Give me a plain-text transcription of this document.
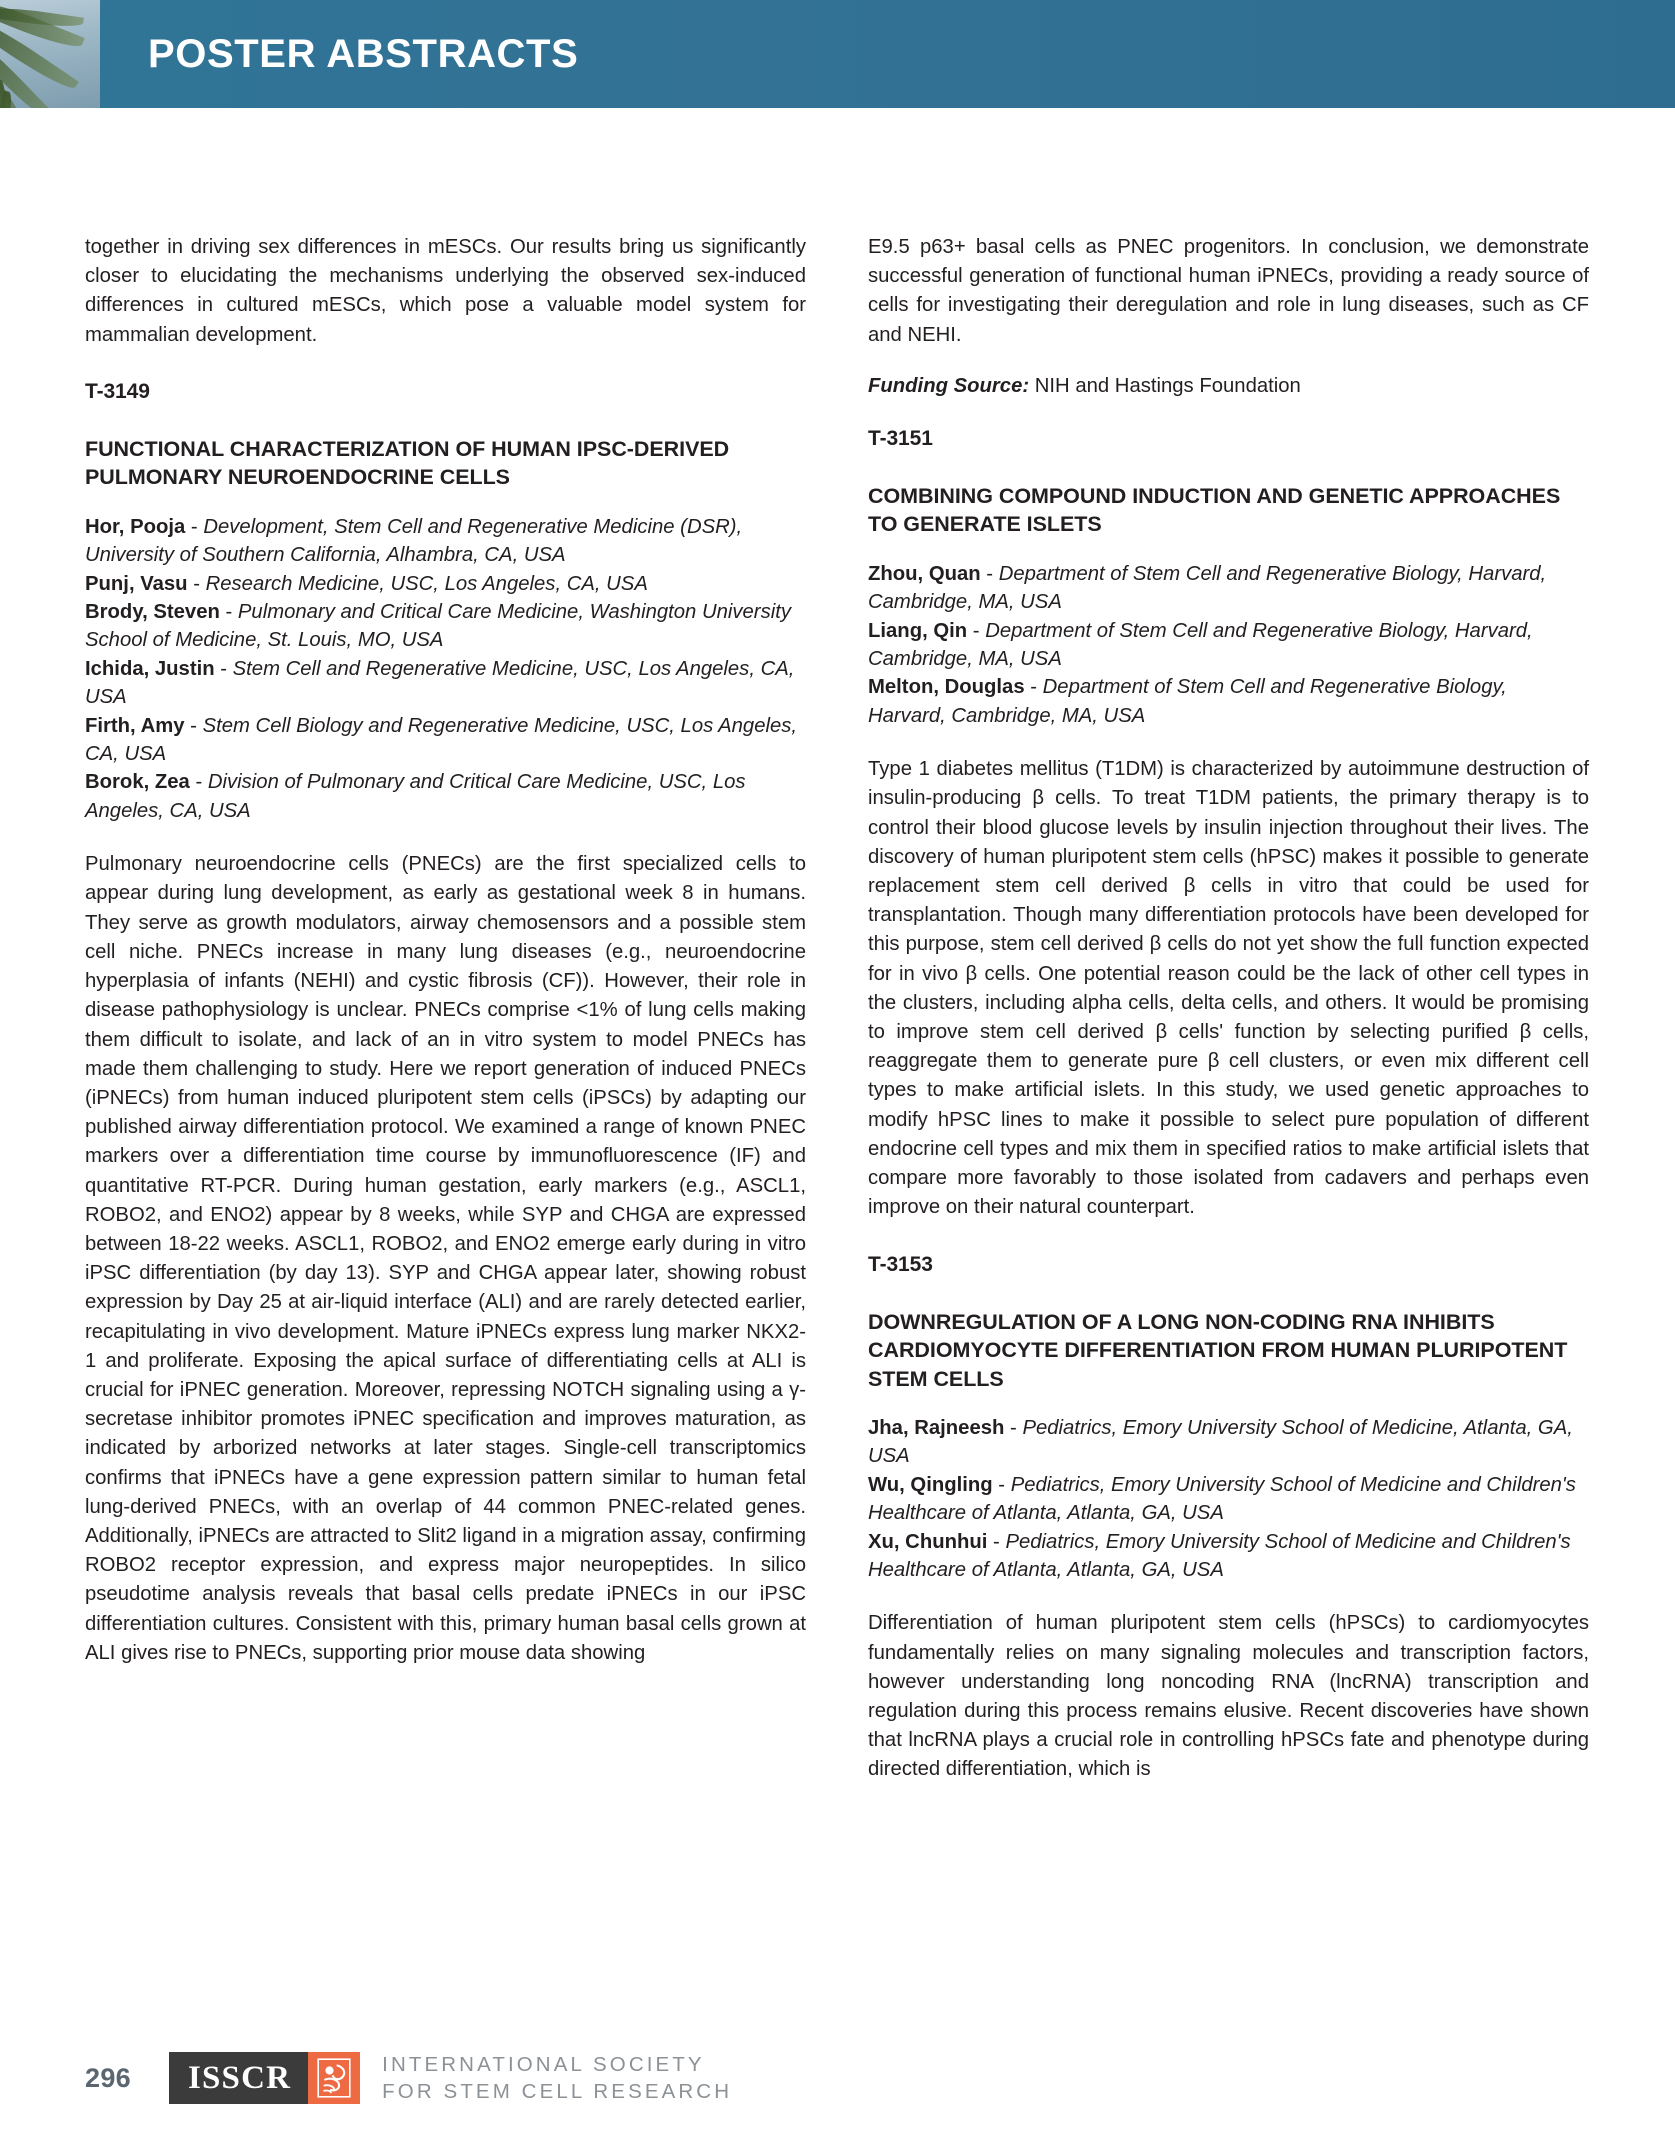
POSTER ABSTRACTS

together in driving sex differences in mESCs. Our results bring us significantly closer to elucidating the mechanisms underlying the observed sex-induced differences in cultured mESCs, which pose a valuable model system for mammalian development.

T-3149
FUNCTIONAL CHARACTERIZATION OF HUMAN IPSC-DERIVED PULMONARY NEUROENDOCRINE CELLS
Hor, Pooja - Development, Stem Cell and Regenerative Medicine (DSR), University of Southern California, Alhambra, CA, USA
Punj, Vasu - Research Medicine, USC, Los Angeles, CA, USA
Brody, Steven - Pulmonary and Critical Care Medicine, Washington University School of Medicine, St. Louis, MO, USA
Ichida, Justin - Stem Cell and Regenerative Medicine, USC, Los Angeles, CA, USA
Firth, Amy - Stem Cell Biology and Regenerative Medicine, USC, Los Angeles, CA, USA
Borok, Zea - Division of Pulmonary and Critical Care Medicine, USC, Los Angeles, CA, USA

Pulmonary neuroendocrine cells (PNECs) are the first specialized cells to appear during lung development, as early as gestational week 8 in humans. They serve as growth modulators, airway chemosensors and a possible stem cell niche. PNECs increase in many lung diseases (e.g., neuroendocrine hyperplasia of infants (NEHI) and cystic fibrosis (CF)). However, their role in disease pathophysiology is unclear. PNECs comprise <1% of lung cells making them difficult to isolate, and lack of an in vitro system to model PNECs has made them challenging to study. Here we report generation of induced PNECs (iPNECs) from human induced pluripotent stem cells (iPSCs) by adapting our published airway differentiation protocol. We examined a range of known PNEC markers over a differentiation time course by immunofluorescence (IF) and quantitative RT-PCR. During human gestation, early markers (e.g., ASCL1, ROBO2, and ENO2) appear by 8 weeks, while SYP and CHGA are expressed between 18-22 weeks. ASCL1, ROBO2, and ENO2 emerge early during in vitro iPSC differentiation (by day 13). SYP and CHGA appear later, showing robust expression by Day 25 at air-liquid interface (ALI) and are rarely detected earlier, recapitulating in vivo development. Mature iPNECs express lung marker NKX2-1 and proliferate. Exposing the apical surface of differentiating cells at ALI is crucial for iPNEC generation. Moreover, repressing NOTCH signaling using a γ-secretase inhibitor promotes iPNEC specification and improves maturation, as indicated by arborized networks at later stages. Single-cell transcriptomics confirms that iPNECs have a gene expression pattern similar to human fetal lung-derived PNECs, with an overlap of 44 common PNEC-related genes. Additionally, iPNECs are attracted to Slit2 ligand in a migration assay, confirming ROBO2 receptor expression, and express major neuropeptides. In silico pseudotime analysis reveals that basal cells predate iPNECs in our iPSC differentiation cultures. Consistent with this, primary human basal cells grown at ALI gives rise to PNECs, supporting prior mouse data showing

E9.5 p63+ basal cells as PNEC progenitors. In conclusion, we demonstrate successful generation of functional human iPNECs, providing a ready source of cells for investigating their deregulation and role in lung diseases, such as CF and NEHI.

Funding Source: NIH and Hastings Foundation

T-3151
COMBINING COMPOUND INDUCTION AND GENETIC APPROACHES TO GENERATE ISLETS
Zhou, Quan - Department of Stem Cell and Regenerative Biology, Harvard, Cambridge, MA, USA
Liang, Qin - Department of Stem Cell and Regenerative Biology, Harvard, Cambridge, MA, USA
Melton, Douglas - Department of Stem Cell and Regenerative Biology, Harvard, Cambridge, MA, USA

Type 1 diabetes mellitus (T1DM) is characterized by autoimmune destruction of insulin-producing β cells. To treat T1DM patients, the primary therapy is to control their blood glucose levels by insulin injection throughout their lives. The discovery of human pluripotent stem cells (hPSC) makes it possible to generate replacement stem cell derived β cells in vitro that could be used for transplantation. Though many differentiation protocols have been developed for this purpose, stem cell derived β cells do not yet show the full function expected for in vivo β cells. One potential reason could be the lack of other cell types in the clusters, including alpha cells, delta cells, and others. It would be promising to improve stem cell derived β cells' function by selecting purified β cells, reaggregate them to generate pure β cell clusters, or even mix different cell types to make artificial islets. In this study, we used genetic approaches to modify hPSC lines to make it possible to select pure population of different endocrine cell types and mix them in specified ratios to make artificial islets that compare more favorably to those isolated from cadavers and perhaps even improve on their natural counterpart.

T-3153
DOWNREGULATION OF A LONG NON-CODING RNA INHIBITS CARDIOMYOCYTE DIFFERENTIATION FROM HUMAN PLURIPOTENT STEM CELLS
Jha, Rajneesh - Pediatrics, Emory University School of Medicine, Atlanta, GA, USA
Wu, Qingling - Pediatrics, Emory University School of Medicine and Children's Healthcare of Atlanta, Atlanta, GA, USA
Xu, Chunhui - Pediatrics, Emory University School of Medicine and Children's Healthcare of Atlanta, Atlanta, GA, USA

Differentiation of human pluripotent stem cells (hPSCs) to cardiomyocytes fundamentally relies on many signaling molecules and transcription factors, however understanding long noncoding RNA (lncRNA) transcription and regulation during this process remains elusive. Recent discoveries have shown that lncRNA plays a crucial role in controlling hPSCs fate and phenotype during directed differentiation, which is

296	ISSCR	INTERNATIONAL SOCIETY
FOR STEM CELL RESEARCH
